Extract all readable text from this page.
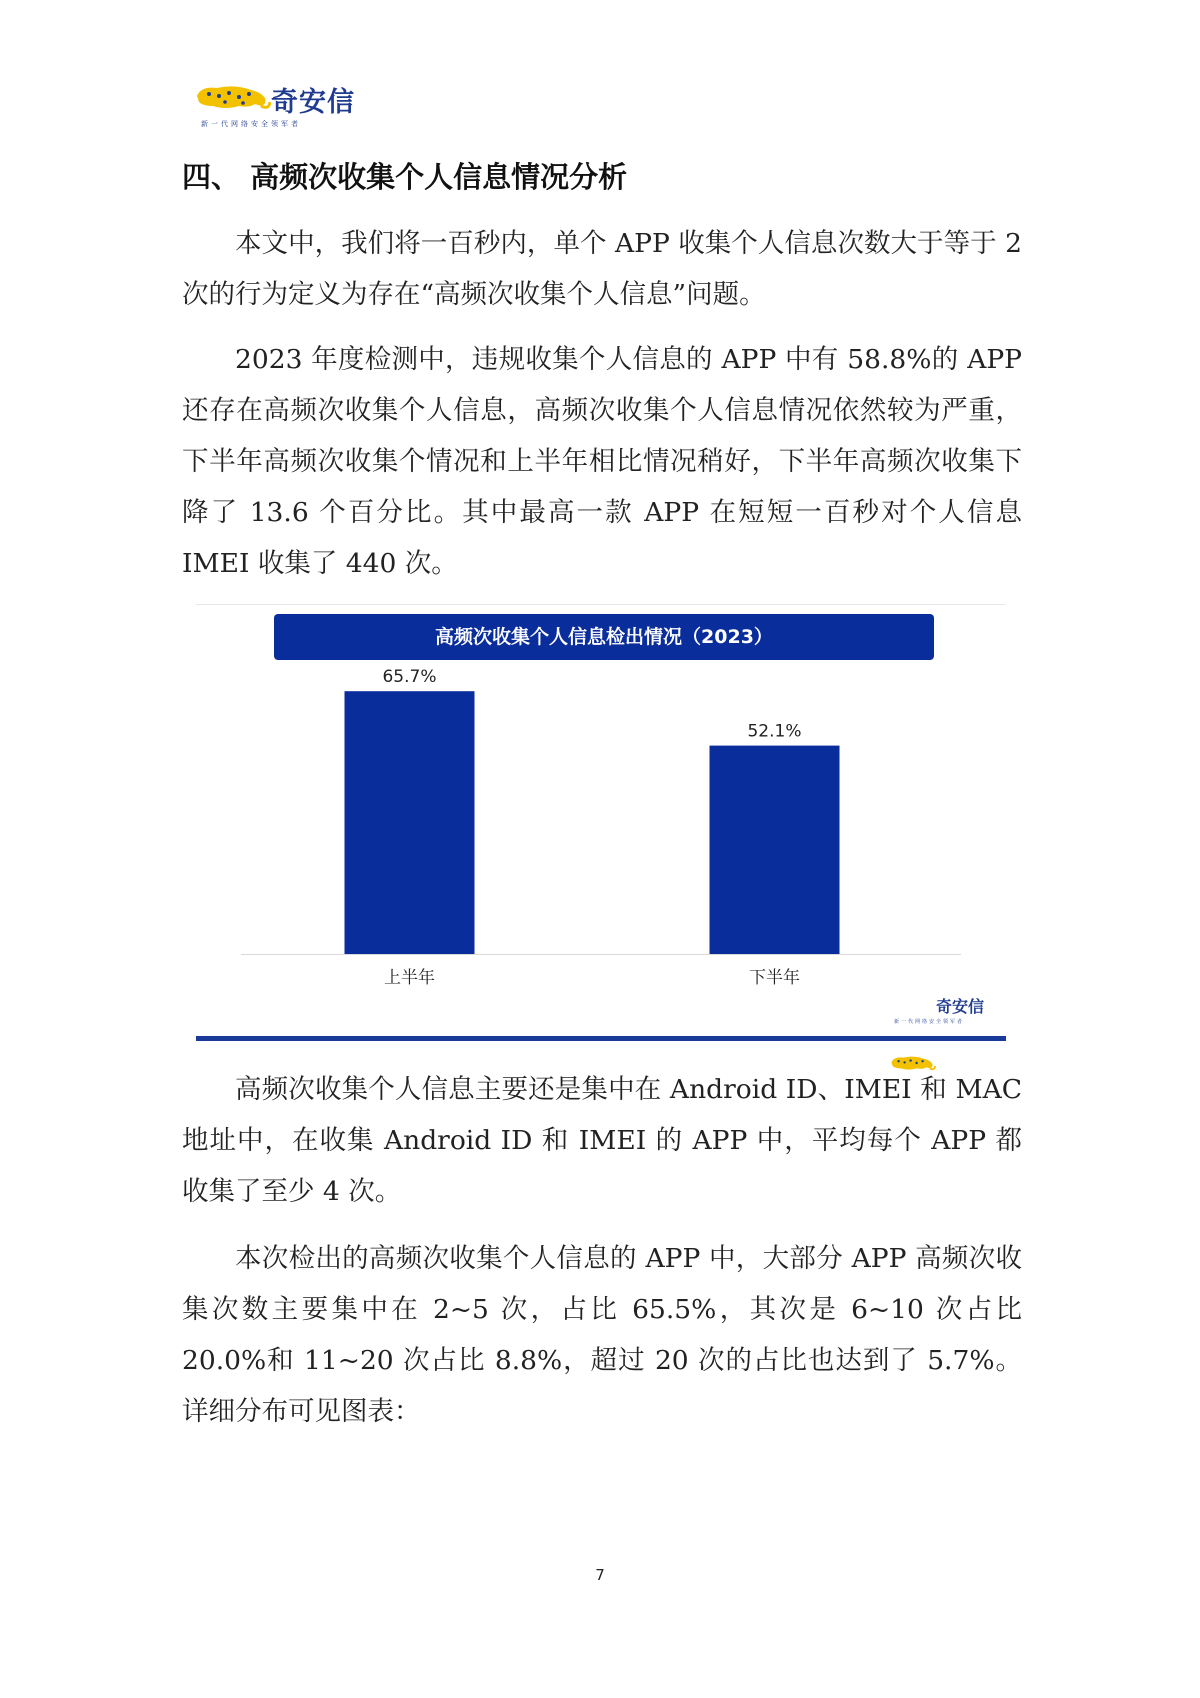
奇安信
新一代网络安全领军者
四、 高频次收集个人信息情况分析

本文中，我们将一百秒内，单个 APP 收集个人信息次数大于等于 2 次的行为定义为存在“高频次收集个人信息”问题。

2023 年度检测中，违规收集个人信息的 APP 中有 58.8%的 APP 还存在高频次收集个人信息，高频次收集个人信息情况依然较为严重，下半年高频次收集个情况和上半年相比情况稍好，下半年高频次收集下降了 13.6 个百分比。其中最高一款 APP 在短短一百秒对个人信息 IMEI 收集了 440 次。

高频次收集个人信息检出情况（2023）
65.7%
上半年
52.1%
下半年
奇安信
新一代网络安全领军者

高频次收集个人信息主要还是集中在 Android ID、IMEI 和 MAC 地址中，在收集 Android ID 和 IMEI 的 APP 中，平均每个 APP 都收集了至少 4 次。

本次检出的高频次收集个人信息的 APP 中，大部分 APP 高频次收集次数主要集中在 2~5 次，占比 65.5%，其次是 6~10 次占比 20.0%和 11~20 次占比 8.8%，超过 20 次的占比也达到了 5.7%。详细分布可见图表：

7
